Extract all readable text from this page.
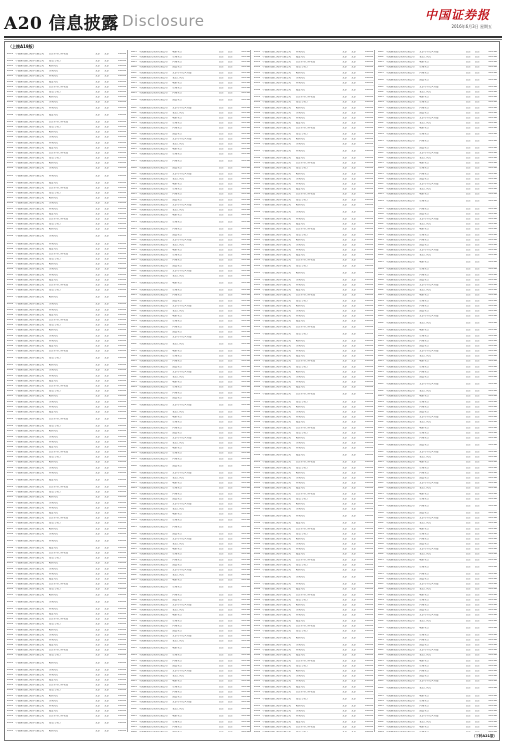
A20 信息披露 Disclosure	中国证券报
2016年6月3日 星期五
（上接A19版）
2001 中国建设银行股份有限公司	北京市分行营业部	北京	北京	010-66
2002 中国建设银行股份有限公司	安定门支行	北京	北京	010-66
2003 中国建设银行股份有限公司	朝阳支行	北京	北京	010-66
2004 中国建设银行股份有限公司	东城支行	北京	北京	010-66
2005 中国建设银行股份有限公司	西城支行	北京	北京	010-66
2006 中国建设银行股份有限公司	海淀支行	北京	北京	010-66
2001 中国建设银行股份有限公司	北京市分行营业部	北京	北京	010-66
2002 中国建设银行股份有限公司	安定门支行	北京	北京	010-66
2003 中国建设银行股份有限公司	朝阳支行	北京	北京	010-66
2004 中国建设银行股份有限公司	东城支行	北京	北京	010-66
2005 中国建设银行股份有限公司	西城支行	北京	北京	010-66
2006 中国建设银行股份有限公司	海淀支行	北京	北京	010-66
2001 中国建设银行股份有限公司	北京市分行营业部	北京	北京	010-66
2002 中国建设银行股份有限公司	安定门支行	北京	北京	010-66
2003 中国建设银行股份有限公司	朝阳支行	北京	北京	010-66
2004 中国建设银行股份有限公司	东城支行	北京	北京	010-66
2005 中国建设银行股份有限公司	西城支行	北京	北京	010-66
2006 中国建设银行股份有限公司	海淀支行	北京	北京	010-66
2001 中国建设银行股份有限公司	北京市分行营业部	北京	北京	010-66
2002 中国建设银行股份有限公司	安定门支行	北京	北京	010-66
2003 中国建设银行股份有限公司	朝阳支行	北京	北京	010-66
2004 中国建设银行股份有限公司	东城支行	北京	北京	010-66
2005 中国建设银行股份有限公司	西城支行	北京	北京	010-66
2006 中国建设银行股份有限公司	海淀支行	北京	北京	010-66
2001 中国建设银行股份有限公司	北京市分行营业部	北京	北京	010-66
2002 中国建设银行股份有限公司	安定门支行	北京	北京	010-66
2003 中国建设银行股份有限公司	朝阳支行	北京	北京	010-66
2004 中国建设银行股份有限公司	东城支行	北京	北京	010-66
2005 中国建设银行股份有限公司	西城支行	北京	北京	010-66
2006 中国建设银行股份有限公司	海淀支行	北京	北京	010-66
2001 中国建设银行股份有限公司	北京市分行营业部	北京	北京	010-66
2002 中国建设银行股份有限公司	安定门支行	北京	北京	010-66
2003 中国建设银行股份有限公司	朝阳支行	北京	北京	010-66
2004 中国建设银行股份有限公司	东城支行	北京	北京	010-66
2005 中国建设银行股份有限公司	西城支行	北京	北京	010-66
2006 中国建设银行股份有限公司	海淀支行	北京	北京	010-66
2001 中国建设银行股份有限公司	北京市分行营业部	北京	北京	010-66
2002 中国建设银行股份有限公司	安定门支行	北京	北京	010-66
2003 中国建设银行股份有限公司	朝阳支行	北京	北京	010-66
2004 中国建设银行股份有限公司	东城支行	北京	北京	010-66
2005 中国建设银行股份有限公司	西城支行	北京	北京	010-66
2006 中国建设银行股份有限公司	海淀支行	北京	北京	010-66
2001 中国建设银行股份有限公司	北京市分行营业部	北京	北京	010-66
2002 中国建设银行股份有限公司	安定门支行	北京	北京	010-66
2003 中国建设银行股份有限公司	朝阳支行	北京	北京	010-66
2004 中国建设银行股份有限公司	东城支行	北京	北京	010-66
2005 中国建设银行股份有限公司	西城支行	北京	北京	010-66
2006 中国建设银行股份有限公司	海淀支行	北京	北京	010-66
2001 中国建设银行股份有限公司	北京市分行营业部	北京	北京	010-66
2002 中国建设银行股份有限公司	安定门支行	北京	北京	010-66
2003 中国建设银行股份有限公司	朝阳支行	北京	北京	010-66
2004 中国建设银行股份有限公司	东城支行	北京	北京	010-66
2005 中国建设银行股份有限公司	西城支行	北京	北京	010-66
2006 中国建设银行股份有限公司	海淀支行	北京	北京	010-66
2001 中国建设银行股份有限公司	北京市分行营业部	北京	北京	010-66
2002 中国建设银行股份有限公司	安定门支行	北京	北京	010-66
2003 中国建设银行股份有限公司	朝阳支行	北京	北京	010-66
2004 中国建设银行股份有限公司	东城支行	北京	北京	010-66
2005 中国建设银行股份有限公司	西城支行	北京	北京	010-66
2006 中国建设银行股份有限公司	海淀支行	北京	北京	010-66
2001 中国建设银行股份有限公司	北京市分行营业部	北京	北京	010-66
2002 中国建设银行股份有限公司	安定门支行	北京	北京	010-66
2003 中国建设银行股份有限公司	朝阳支行	北京	北京	010-66
2004 中国建设银行股份有限公司	东城支行	北京	北京	010-66
2005 中国建设银行股份有限公司	西城支行	北京	北京	010-66
2006 中国建设银行股份有限公司	海淀支行	北京	北京	010-66
2001 中国建设银行股份有限公司	北京市分行营业部	北京	北京	010-66
2002 中国建设银行股份有限公司	安定门支行	北京	北京	010-66
2003 中国建设银行股份有限公司	朝阳支行	北京	北京	010-66
2004 中国建设银行股份有限公司	东城支行	北京	北京	010-66
2005 中国建设银行股份有限公司	西城支行	北京	北京	010-66
2006 中国建设银行股份有限公司	海淀支行	北京	北京	010-66
2001 中国建设银行股份有限公司	北京市分行营业部	北京	北京	010-66
2002 中国建设银行股份有限公司	安定门支行	北京	北京	010-66
2003 中国建设银行股份有限公司	朝阳支行	北京	北京	010-66
2004 中国建设银行股份有限公司	东城支行	北京	北京	010-66
2005 中国建设银行股份有限公司	西城支行	北京	北京	010-66
2006 中国建设银行股份有限公司	海淀支行	北京	北京	010-66
2001 中国建设银行股份有限公司	北京市分行营业部	北京	北京	010-66
2002 中国建设银行股份有限公司	安定门支行	北京	北京	010-66
2003 中国建设银行股份有限公司	朝阳支行	北京	北京	010-66
2004 中国建设银行股份有限公司	东城支行	北京	北京	010-66
2005 中国建设银行股份有限公司	西城支行	北京	北京	010-66
2006 中国建设银行股份有限公司	海淀支行	北京	北京	010-66
2001 中国建设银行股份有限公司	北京市分行营业部	北京	北京	010-66
2002 中国建设银行股份有限公司	安定门支行	北京	北京	010-66
2003 中国建设银行股份有限公司	朝阳支行	北京	北京	010-66
2004 中国建设银行股份有限公司	东城支行	北京	北京	010-66
2005 中国建设银行股份有限公司	西城支行	北京	北京	010-66
2006 中国建设银行股份有限公司	海淀支行	北京	北京	010-66
2001 中国建设银行股份有限公司	北京市分行营业部	北京	北京	010-66
2002 中国建设银行股份有限公司	安定门支行	北京	北京	010-66
2003 中国建设银行股份有限公司	朝阳支行	北京	北京	010-66
2004 中国建设银行股份有限公司	东城支行	北京	北京	010-66
2005 中国建设银行股份有限公司	西城支行	北京	北京	010-66
2006 中国建设银行股份有限公司	海淀支行	北京	北京	010-66
2001 中国建设银行股份有限公司	北京市分行营业部	北京	北京	010-66
2002 中国建设银行股份有限公司	安定门支行	北京	北京	010-66
2003 中国建设银行股份有限公司	朝阳支行	北京	北京	010-66
2004 中国建设银行股份有限公司	东城支行	北京	北京	010-66
2005 中国建设银行股份有限公司	西城支行	北京	北京	010-66
2006 中国建设银行股份有限公司	海淀支行	北京	北京	010-66
2001 中国建设银行股份有限公司	北京市分行营业部	北京	北京	010-66
2002 中国建设银行股份有限公司	安定门支行	北京	北京	010-66
2003 中国建设银行股份有限公司	朝阳支行	北京	北京	010-66
2004 中国建设银行股份有限公司	东城支行	北京	北京	010-66
2005 中国建设银行股份有限公司	西城支行	北京	北京	010-66
2006 中国建设银行股份有限公司	海淀支行	北京	北京	010-66
2001 中国建设银行股份有限公司	北京市分行营业部	北京	北京	010-66
2002 中国建设银行股份有限公司	安定门支行	北京	北京	010-66
2003 中国建设银行股份有限公司	朝阳支行	北京	北京	010-66
2004 中国建设银行股份有限公司	东城支行	北京	北京	010-66
2005 中国建设银行股份有限公司	西城支行	北京	北京	010-66
2006 中国建设银行股份有限公司	海淀支行	北京	北京	010-66
2001 中国建设银行股份有限公司	北京市分行营业部	北京	北京	010-66
2002 中国建设银行股份有限公司	安定门支行	北京	北京	010-66
2003 中国建设银行股份有限公司	朝阳支行	北京	北京	010-66
2004 中国建设银行股份有限公司	东城支行	北京	北京	010-66
2005 中国建设银行股份有限公司	西城支行	北京	北京	010-66
2006 中国建设银行股份有限公司	海淀支行	北京	北京	010-66
2001 中国建设银行股份有限公司	北京市分行营业部	北京	北京	010-66
2002 中国建设银行股份有限公司	安定门支行	北京	北京	010-66
2003 中国建设银行股份有限公司	朝阳支行	北京	北京	010-66
2003 中国建设银行股份有限公司	朝阳支行	北京	北京	010-66
2004 中国建设银行股份有限公司	东城支行	北京	北京	010-66
2005 中国建设银行股份有限公司	西城支行	北京	北京	010-66
2006 中国建设银行股份有限公司	海淀支行	北京	北京	010-66
2001 中国建设银行股份有限公司	北京市分行营业部	北京	北京	010-66
2002 中国建设银行股份有限公司	安定门支行	北京	北京	010-66
2003 中国建设银行股份有限公司	朝阳支行	北京	北京	010-66
2004 中国建设银行股份有限公司	东城支行	北京	北京	010-66
2005 中国建设银行股份有限公司	西城支行	北京	北京	010-66
2006 中国建设银行股份有限公司	海淀支行	北京	北京	010-66
2001 中国建设银行股份有限公司	北京市分行营业部	北京	北京	010-66
2002 中国建设银行股份有限公司	安定门支行	北京	北京	010-66
2003 中国建设银行股份有限公司	朝阳支行	北京	北京	010-66
2004 中国建设银行股份有限公司	东城支行	北京	北京	010-66
2005 中国建设银行股份有限公司	西城支行	北京	北京	010-66
2006 中国建设银行股份有限公司	海淀支行	北京	北京	010-66
2001 中国建设银行股份有限公司	北京市分行营业部	北京	北京	010-66
2002 中国建设银行股份有限公司	安定门支行	北京	北京	010-66
2003 中国建设银行股份有限公司	朝阳支行	北京	北京	010-66
2004 中国建设银行股份有限公司	东城支行	北京	北京	010-66
2005 中国建设银行股份有限公司	西城支行	北京	北京	010-66
2006 中国建设银行股份有限公司	海淀支行	北京	北京	010-66
2001 中国建设银行股份有限公司	北京市分行营业部	北京	北京	010-66
2002 中国建设银行股份有限公司	安定门支行	北京	北京	010-66
2003 中国建设银行股份有限公司	朝阳支行	北京	北京	010-66
2004 中国建设银行股份有限公司	东城支行	北京	北京	010-66
2005 中国建设银行股份有限公司	西城支行	北京	北京	010-66
2006 中国建设银行股份有限公司	海淀支行	北京	北京	010-66
2001 中国建设银行股份有限公司	北京市分行营业部	北京	北京	010-66
2002 中国建设银行股份有限公司	安定门支行	北京	北京	010-66
2003 中国建设银行股份有限公司	朝阳支行	北京	北京	010-66
2004 中国建设银行股份有限公司	东城支行	北京	北京	010-66
2005 中国建设银行股份有限公司	西城支行	北京	北京	010-66
2006 中国建设银行股份有限公司	海淀支行	北京	北京	010-66
2001 中国建设银行股份有限公司	北京市分行营业部	北京	北京	010-66
2002 中国建设银行股份有限公司	安定门支行	北京	北京	010-66
2003 中国建设银行股份有限公司	朝阳支行	北京	北京	010-66
2004 中国建设银行股份有限公司	东城支行	北京	北京	010-66
2005 中国建设银行股份有限公司	西城支行	北京	北京	010-66
2006 中国建设银行股份有限公司	海淀支行	北京	北京	010-66
2001 中国建设银行股份有限公司	北京市分行营业部	北京	北京	010-66
2002 中国建设银行股份有限公司	安定门支行	北京	北京	010-66
2003 中国建设银行股份有限公司	朝阳支行	北京	北京	010-66
2004 中国建设银行股份有限公司	东城支行	北京	北京	010-66
2005 中国建设银行股份有限公司	西城支行	北京	北京	010-66
2006 中国建设银行股份有限公司	海淀支行	北京	北京	010-66
2001 中国建设银行股份有限公司	北京市分行营业部	北京	北京	010-66
2002 中国建设银行股份有限公司	安定门支行	北京	北京	010-66
2003 中国建设银行股份有限公司	朝阳支行	北京	北京	010-66
2004 中国建设银行股份有限公司	东城支行	北京	北京	010-66
2005 中国建设银行股份有限公司	西城支行	北京	北京	010-66
2006 中国建设银行股份有限公司	海淀支行	北京	北京	010-66
2001 中国建设银行股份有限公司	北京市分行营业部	北京	北京	010-66
2002 中国建设银行股份有限公司	安定门支行	北京	北京	010-66
2003 中国建设银行股份有限公司	朝阳支行	北京	北京	010-66
2004 中国建设银行股份有限公司	东城支行	北京	北京	010-66
2005 中国建设银行股份有限公司	西城支行	北京	北京	010-66
2006 中国建设银行股份有限公司	海淀支行	北京	北京	010-66
2001 中国建设银行股份有限公司	北京市分行营业部	北京	北京	010-66
2002 中国建设银行股份有限公司	安定门支行	北京	北京	010-66
2003 中国建设银行股份有限公司	朝阳支行	北京	北京	010-66
2004 中国建设银行股份有限公司	东城支行	北京	北京	010-66
2005 中国建设银行股份有限公司	西城支行	北京	北京	010-66
2006 中国建设银行股份有限公司	海淀支行	北京	北京	010-66
2001 中国建设银行股份有限公司	北京市分行营业部	北京	北京	010-66
2002 中国建设银行股份有限公司	安定门支行	北京	北京	010-66
2003 中国建设银行股份有限公司	朝阳支行	北京	北京	010-66
2004 中国建设银行股份有限公司	东城支行	北京	北京	010-66
2005 中国建设银行股份有限公司	西城支行	北京	北京	010-66
2006 中国建设银行股份有限公司	海淀支行	北京	北京	010-66
2001 中国建设银行股份有限公司	北京市分行营业部	北京	北京	010-66
2002 中国建设银行股份有限公司	安定门支行	北京	北京	010-66
2003 中国建设银行股份有限公司	朝阳支行	北京	北京	010-66
2004 中国建设银行股份有限公司	东城支行	北京	北京	010-66
2005 中国建设银行股份有限公司	西城支行	北京	北京	010-66
2006 中国建设银行股份有限公司	海淀支行	北京	北京	010-66
2001 中国建设银行股份有限公司	北京市分行营业部	北京	北京	010-66
2002 中国建设银行股份有限公司	安定门支行	北京	北京	010-66
2003 中国建设银行股份有限公司	朝阳支行	北京	北京	010-66
2004 中国建设银行股份有限公司	东城支行	北京	北京	010-66
2005 中国建设银行股份有限公司	西城支行	北京	北京	010-66
2006 中国建设银行股份有限公司	海淀支行	北京	北京	010-66
2001 中国建设银行股份有限公司	北京市分行营业部	北京	北京	010-66
2002 中国建设银行股份有限公司	安定门支行	北京	北京	010-66
2003 中国建设银行股份有限公司	朝阳支行	北京	北京	010-66
2004 中国建设银行股份有限公司	东城支行	北京	北京	010-66
2005 中国建设银行股份有限公司	西城支行	北京	北京	010-66
2006 中国建设银行股份有限公司	海淀支行	北京	北京	010-66
2001 中国建设银行股份有限公司	北京市分行营业部	北京	北京	010-66
2002 中国建设银行股份有限公司	安定门支行	北京	北京	010-66
2003 中国建设银行股份有限公司	朝阳支行	北京	北京	010-66
2004 中国建设银行股份有限公司	东城支行	北京	北京	010-66
2005 中国建设银行股份有限公司	西城支行	北京	北京	010-66
2006 中国建设银行股份有限公司	海淀支行	北京	北京	010-66
2001 中国建设银行股份有限公司	北京市分行营业部	北京	北京	010-66
2002 中国建设银行股份有限公司	安定门支行	北京	北京	010-66
2003 中国建设银行股份有限公司	朝阳支行	北京	北京	010-66
2004 中国建设银行股份有限公司	东城支行	北京	北京	010-66
2005 中国建设银行股份有限公司	西城支行	北京	北京	010-66
2006 中国建设银行股份有限公司	海淀支行	北京	北京	010-66
2001 中国建设银行股份有限公司	北京市分行营业部	北京	北京	010-66
2002 中国建设银行股份有限公司	安定门支行	北京	北京	010-66
2003 中国建设银行股份有限公司	朝阳支行	北京	北京	010-66
2004 中国建设银行股份有限公司	东城支行	北京	北京	010-66
2005 中国建设银行股份有限公司	西城支行	北京	北京	010-66
2006 中国建设银行股份有限公司	海淀支行	北京	北京	010-66
2001 中国建设银行股份有限公司	北京市分行营业部	北京	北京	010-66
2002 中国建设银行股份有限公司	安定门支行	北京	北京	010-66
2003 中国建设银行股份有限公司	朝阳支行	北京	北京	010-66
2004 中国建设银行股份有限公司	东城支行	北京	北京	010-66
2005 中国建设银行股份有限公司	西城支行	北京	北京	010-66
2006 中国建设银行股份有限公司	海淀支行	北京	北京	010-66
2001 中国建设银行股份有限公司	北京市分行营业部	北京	北京	010-66
2002 中国建设银行股份有限公司	安定门支行	北京	北京	010-66
2003 中国建设银行股份有限公司	朝阳支行	北京	北京	010-66
2004 中国建设银行股份有限公司	东城支行	北京	北京	010-66
2005 中国建设银行股份有限公司	西城支行	北京	北京	010-66
2006 中国建设银行股份有限公司	海淀支行	北京	北京	010-66
2001 中国建设银行股份有限公司	北京市分行营业部	北京	北京	010-66
2002 中国建设银行股份有限公司	安定门支行	北京	北京	010-66
2003 中国建设银行股份有限公司	朝阳支行	北京	北京	010-66
2004 中国建设银行股份有限公司	东城支行	北京	北京	010-66
2005 中国建设银行股份有限公司	西城支行	北京	北京	010-66
2005 中国建设银行股份有限公司	西城支行	北京	北京	010-66
2006 中国建设银行股份有限公司	海淀支行	北京	北京	010-66
2001 中国建设银行股份有限公司	北京市分行营业部	北京	北京	010-66
2002 中国建设银行股份有限公司	安定门支行	北京	北京	010-66
2003 中国建设银行股份有限公司	朝阳支行	北京	北京	010-66
2004 中国建设银行股份有限公司	东城支行	北京	北京	010-66
2005 中国建设银行股份有限公司	西城支行	北京	北京	010-66
2006 中国建设银行股份有限公司	海淀支行	北京	北京	010-66
2001 中国建设银行股份有限公司	北京市分行营业部	北京	北京	010-66
2002 中国建设银行股份有限公司	安定门支行	北京	北京	010-66
2003 中国建设银行股份有限公司	朝阳支行	北京	北京	010-66
2004 中国建设银行股份有限公司	东城支行	北京	北京	010-66
2005 中国建设银行股份有限公司	西城支行	北京	北京	010-66
2006 中国建设银行股份有限公司	海淀支行	北京	北京	010-66
2001 中国建设银行股份有限公司	北京市分行营业部	北京	北京	010-66
2002 中国建设银行股份有限公司	安定门支行	北京	北京	010-66
2003 中国建设银行股份有限公司	朝阳支行	北京	北京	010-66
2004 中国建设银行股份有限公司	东城支行	北京	北京	010-66
2005 中国建设银行股份有限公司	西城支行	北京	北京	010-66
2006 中国建设银行股份有限公司	海淀支行	北京	北京	010-66
2001 中国建设银行股份有限公司	北京市分行营业部	北京	北京	010-66
2002 中国建设银行股份有限公司	安定门支行	北京	北京	010-66
2003 中国建设银行股份有限公司	朝阳支行	北京	北京	010-66
2004 中国建设银行股份有限公司	东城支行	北京	北京	010-66
2005 中国建设银行股份有限公司	西城支行	北京	北京	010-66
2006 中国建设银行股份有限公司	海淀支行	北京	北京	010-66
2001 中国建设银行股份有限公司	北京市分行营业部	北京	北京	010-66
2002 中国建设银行股份有限公司	安定门支行	北京	北京	010-66
2003 中国建设银行股份有限公司	朝阳支行	北京	北京	010-66
2004 中国建设银行股份有限公司	东城支行	北京	北京	010-66
2005 中国建设银行股份有限公司	西城支行	北京	北京	010-66
2006 中国建设银行股份有限公司	海淀支行	北京	北京	010-66
2001 中国建设银行股份有限公司	北京市分行营业部	北京	北京	010-66
2002 中国建设银行股份有限公司	安定门支行	北京	北京	010-66
2003 中国建设银行股份有限公司	朝阳支行	北京	北京	010-66
2004 中国建设银行股份有限公司	东城支行	北京	北京	010-66
2005 中国建设银行股份有限公司	西城支行	北京	北京	010-66
2006 中国建设银行股份有限公司	海淀支行	北京	北京	010-66
2001 中国建设银行股份有限公司	北京市分行营业部	北京	北京	010-66
2002 中国建设银行股份有限公司	安定门支行	北京	北京	010-66
2003 中国建设银行股份有限公司	朝阳支行	北京	北京	010-66
2004 中国建设银行股份有限公司	东城支行	北京	北京	010-66
2005 中国建设银行股份有限公司	西城支行	北京	北京	010-66
2006 中国建设银行股份有限公司	海淀支行	北京	北京	010-66
2001 中国建设银行股份有限公司	北京市分行营业部	北京	北京	010-66
2002 中国建设银行股份有限公司	安定门支行	北京	北京	010-66
2003 中国建设银行股份有限公司	朝阳支行	北京	北京	010-66
2004 中国建设银行股份有限公司	东城支行	北京	北京	010-66
2005 中国建设银行股份有限公司	西城支行	北京	北京	010-66
2006 中国建设银行股份有限公司	海淀支行	北京	北京	010-66
2001 中国建设银行股份有限公司	北京市分行营业部	北京	北京	010-66
2002 中国建设银行股份有限公司	安定门支行	北京	北京	010-66
2003 中国建设银行股份有限公司	朝阳支行	北京	北京	010-66
2004 中国建设银行股份有限公司	东城支行	北京	北京	010-66
2005 中国建设银行股份有限公司	西城支行	北京	北京	010-66
2006 中国建设银行股份有限公司	海淀支行	北京	北京	010-66
2001 中国建设银行股份有限公司	北京市分行营业部	北京	北京	010-66
2002 中国建设银行股份有限公司	安定门支行	北京	北京	010-66
2003 中国建设银行股份有限公司	朝阳支行	北京	北京	010-66
2004 中国建设银行股份有限公司	东城支行	北京	北京	010-66
2005 中国建设银行股份有限公司	西城支行	北京	北京	010-66
2006 中国建设银行股份有限公司	海淀支行	北京	北京	010-66
2001 中国建设银行股份有限公司	北京市分行营业部	北京	北京	010-66
2002 中国建设银行股份有限公司	安定门支行	北京	北京	010-66
2003 中国建设银行股份有限公司	朝阳支行	北京	北京	010-66
2004 中国建设银行股份有限公司	东城支行	北京	北京	010-66
2005 中国建设银行股份有限公司	西城支行	北京	北京	010-66
2006 中国建设银行股份有限公司	海淀支行	北京	北京	010-66
2001 中国建设银行股份有限公司	北京市分行营业部	北京	北京	010-66
2002 中国建设银行股份有限公司	安定门支行	北京	北京	010-66
2003 中国建设银行股份有限公司	朝阳支行	北京	北京	010-66
2004 中国建设银行股份有限公司	东城支行	北京	北京	010-66
2005 中国建设银行股份有限公司	西城支行	北京	北京	010-66
2006 中国建设银行股份有限公司	海淀支行	北京	北京	010-66
2001 中国建设银行股份有限公司	北京市分行营业部	北京	北京	010-66
2002 中国建设银行股份有限公司	安定门支行	北京	北京	010-66
2003 中国建设银行股份有限公司	朝阳支行	北京	北京	010-66
2004 中国建设银行股份有限公司	东城支行	北京	北京	010-66
2005 中国建设银行股份有限公司	西城支行	北京	北京	010-66
2006 中国建设银行股份有限公司	海淀支行	北京	北京	010-66
2001 中国建设银行股份有限公司	北京市分行营业部	北京	北京	010-66
2002 中国建设银行股份有限公司	安定门支行	北京	北京	010-66
2003 中国建设银行股份有限公司	朝阳支行	北京	北京	010-66
2004 中国建设银行股份有限公司	东城支行	北京	北京	010-66
2005 中国建设银行股份有限公司	西城支行	北京	北京	010-66
2006 中国建设银行股份有限公司	海淀支行	北京	北京	010-66
2001 中国建设银行股份有限公司	北京市分行营业部	北京	北京	010-66
2002 中国建设银行股份有限公司	安定门支行	北京	北京	010-66
2003 中国建设银行股份有限公司	朝阳支行	北京	北京	010-66
2004 中国建设银行股份有限公司	东城支行	北京	北京	010-66
2005 中国建设银行股份有限公司	西城支行	北京	北京	010-66
2006 中国建设银行股份有限公司	海淀支行	北京	北京	010-66
2001 中国建设银行股份有限公司	北京市分行营业部	北京	北京	010-66
2002 中国建设银行股份有限公司	安定门支行	北京	北京	010-66
2003 中国建设银行股份有限公司	朝阳支行	北京	北京	010-66
2004 中国建设银行股份有限公司	东城支行	北京	北京	010-66
2005 中国建设银行股份有限公司	西城支行	北京	北京	010-66
2006 中国建设银行股份有限公司	海淀支行	北京	北京	010-66
2001 中国建设银行股份有限公司	北京市分行营业部	北京	北京	010-66
2002 中国建设银行股份有限公司	安定门支行	北京	北京	010-66
2003 中国建设银行股份有限公司	朝阳支行	北京	北京	010-66
2004 中国建设银行股份有限公司	东城支行	北京	北京	010-66
2005 中国建设银行股份有限公司	西城支行	北京	北京	010-66
2006 中国建设银行股份有限公司	海淀支行	北京	北京	010-66
2001 中国建设银行股份有限公司	北京市分行营业部	北京	北京	010-66
2002 中国建设银行股份有限公司	安定门支行	北京	北京	010-66
2003 中国建设银行股份有限公司	朝阳支行	北京	北京	010-66
2004 中国建设银行股份有限公司	东城支行	北京	北京	010-66
2005 中国建设银行股份有限公司	西城支行	北京	北京	010-66
2006 中国建设银行股份有限公司	海淀支行	北京	北京	010-66
2001 中国建设银行股份有限公司	北京市分行营业部	北京	北京	010-66
2002 中国建设银行股份有限公司	安定门支行	北京	北京	010-66
2003 中国建设银行股份有限公司	朝阳支行	北京	北京	010-66
2004 中国建设银行股份有限公司	东城支行	北京	北京	010-66
2005 中国建设银行股份有限公司	西城支行	北京	北京	010-66
2006 中国建设银行股份有限公司	海淀支行	北京	北京	010-66
2001 中国建设银行股份有限公司	北京市分行营业部	北京	北京	010-66
2002 中国建设银行股份有限公司	安定门支行	北京	北京	010-66
2003 中国建设银行股份有限公司	朝阳支行	北京	北京	010-66
2004 中国建设银行股份有限公司	东城支行	北京	北京	010-66
2005 中国建设银行股份有限公司	西城支行	北京	北京	010-66
2006 中国建设银行股份有限公司	海淀支行	北京	北京	010-66
2001 中国建设银行股份有限公司	北京市分行营业部	北京	北京	010-66
2001 中国建设银行股份有限公司	北京市分行营业部	北京	北京	010-66
2002 中国建设银行股份有限公司	安定门支行	北京	北京	010-66
2003 中国建设银行股份有限公司	朝阳支行	北京	北京	010-66
2004 中国建设银行股份有限公司	东城支行	北京	北京	010-66
2005 中国建设银行股份有限公司	西城支行	北京	北京	010-66
2006 中国建设银行股份有限公司	海淀支行	北京	北京	010-66
2001 中国建设银行股份有限公司	北京市分行营业部	北京	北京	010-66
2002 中国建设银行股份有限公司	安定门支行	北京	北京	010-66
2003 中国建设银行股份有限公司	朝阳支行	北京	北京	010-66
2004 中国建设银行股份有限公司	东城支行	北京	北京	010-66
2005 中国建设银行股份有限公司	西城支行	北京	北京	010-66
2006 中国建设银行股份有限公司	海淀支行	北京	北京	010-66
2001 中国建设银行股份有限公司	北京市分行营业部	北京	北京	010-66
2002 中国建设银行股份有限公司	安定门支行	北京	北京	010-66
2003 中国建设银行股份有限公司	朝阳支行	北京	北京	010-66
2004 中国建设银行股份有限公司	东城支行	北京	北京	010-66
2005 中国建设银行股份有限公司	西城支行	北京	北京	010-66
2006 中国建设银行股份有限公司	海淀支行	北京	北京	010-66
2001 中国建设银行股份有限公司	北京市分行营业部	北京	北京	010-66
2002 中国建设银行股份有限公司	安定门支行	北京	北京	010-66
2003 中国建设银行股份有限公司	朝阳支行	北京	北京	010-66
2004 中国建设银行股份有限公司	东城支行	北京	北京	010-66
2005 中国建设银行股份有限公司	西城支行	北京	北京	010-66
2006 中国建设银行股份有限公司	海淀支行	北京	北京	010-66
2001 中国建设银行股份有限公司	北京市分行营业部	北京	北京	010-66
2002 中国建设银行股份有限公司	安定门支行	北京	北京	010-66
2003 中国建设银行股份有限公司	朝阳支行	北京	北京	010-66
2004 中国建设银行股份有限公司	东城支行	北京	北京	010-66
2005 中国建设银行股份有限公司	西城支行	北京	北京	010-66
2006 中国建设银行股份有限公司	海淀支行	北京	北京	010-66
2001 中国建设银行股份有限公司	北京市分行营业部	北京	北京	010-66
2002 中国建设银行股份有限公司	安定门支行	北京	北京	010-66
2003 中国建设银行股份有限公司	朝阳支行	北京	北京	010-66
2004 中国建设银行股份有限公司	东城支行	北京	北京	010-66
2005 中国建设银行股份有限公司	西城支行	北京	北京	010-66
2006 中国建设银行股份有限公司	海淀支行	北京	北京	010-66
2001 中国建设银行股份有限公司	北京市分行营业部	北京	北京	010-66
2002 中国建设银行股份有限公司	安定门支行	北京	北京	010-66
2003 中国建设银行股份有限公司	朝阳支行	北京	北京	010-66
2004 中国建设银行股份有限公司	东城支行	北京	北京	010-66
2005 中国建设银行股份有限公司	西城支行	北京	北京	010-66
2006 中国建设银行股份有限公司	海淀支行	北京	北京	010-66
2001 中国建设银行股份有限公司	北京市分行营业部	北京	北京	010-66
2002 中国建设银行股份有限公司	安定门支行	北京	北京	010-66
2003 中国建设银行股份有限公司	朝阳支行	北京	北京	010-66
2004 中国建设银行股份有限公司	东城支行	北京	北京	010-66
2005 中国建设银行股份有限公司	西城支行	北京	北京	010-66
2006 中国建设银行股份有限公司	海淀支行	北京	北京	010-66
2001 中国建设银行股份有限公司	北京市分行营业部	北京	北京	010-66
2002 中国建设银行股份有限公司	安定门支行	北京	北京	010-66
2003 中国建设银行股份有限公司	朝阳支行	北京	北京	010-66
2004 中国建设银行股份有限公司	东城支行	北京	北京	010-66
2005 中国建设银行股份有限公司	西城支行	北京	北京	010-66
2006 中国建设银行股份有限公司	海淀支行	北京	北京	010-66
2001 中国建设银行股份有限公司	北京市分行营业部	北京	北京	010-66
2002 中国建设银行股份有限公司	安定门支行	北京	北京	010-66
2003 中国建设银行股份有限公司	朝阳支行	北京	北京	010-66
2004 中国建设银行股份有限公司	东城支行	北京	北京	010-66
2005 中国建设银行股份有限公司	西城支行	北京	北京	010-66
2006 中国建设银行股份有限公司	海淀支行	北京	北京	010-66
2001 中国建设银行股份有限公司	北京市分行营业部	北京	北京	010-66
2002 中国建设银行股份有限公司	安定门支行	北京	北京	010-66
2003 中国建设银行股份有限公司	朝阳支行	北京	北京	010-66
2004 中国建设银行股份有限公司	东城支行	北京	北京	010-66
2005 中国建设银行股份有限公司	西城支行	北京	北京	010-66
2006 中国建设银行股份有限公司	海淀支行	北京	北京	010-66
2001 中国建设银行股份有限公司	北京市分行营业部	北京	北京	010-66
2002 中国建设银行股份有限公司	安定门支行	北京	北京	010-66
2003 中国建设银行股份有限公司	朝阳支行	北京	北京	010-66
2004 中国建设银行股份有限公司	东城支行	北京	北京	010-66
2005 中国建设银行股份有限公司	西城支行	北京	北京	010-66
2006 中国建设银行股份有限公司	海淀支行	北京	北京	010-66
2001 中国建设银行股份有限公司	北京市分行营业部	北京	北京	010-66
2002 中国建设银行股份有限公司	安定门支行	北京	北京	010-66
2003 中国建设银行股份有限公司	朝阳支行	北京	北京	010-66
2004 中国建设银行股份有限公司	东城支行	北京	北京	010-66
2005 中国建设银行股份有限公司	西城支行	北京	北京	010-66
2006 中国建设银行股份有限公司	海淀支行	北京	北京	010-66
2001 中国建设银行股份有限公司	北京市分行营业部	北京	北京	010-66
2002 中国建设银行股份有限公司	安定门支行	北京	北京	010-66
2003 中国建设银行股份有限公司	朝阳支行	北京	北京	010-66
2004 中国建设银行股份有限公司	东城支行	北京	北京	010-66
2005 中国建设银行股份有限公司	西城支行	北京	北京	010-66
2006 中国建设银行股份有限公司	海淀支行	北京	北京	010-66
2001 中国建设银行股份有限公司	北京市分行营业部	北京	北京	010-66
2002 中国建设银行股份有限公司	安定门支行	北京	北京	010-66
2003 中国建设银行股份有限公司	朝阳支行	北京	北京	010-66
2004 中国建设银行股份有限公司	东城支行	北京	北京	010-66
2005 中国建设银行股份有限公司	西城支行	北京	北京	010-66
2006 中国建设银行股份有限公司	海淀支行	北京	北京	010-66
2001 中国建设银行股份有限公司	北京市分行营业部	北京	北京	010-66
2002 中国建设银行股份有限公司	安定门支行	北京	北京	010-66
2003 中国建设银行股份有限公司	朝阳支行	北京	北京	010-66
2004 中国建设银行股份有限公司	东城支行	北京	北京	010-66
2005 中国建设银行股份有限公司	西城支行	北京	北京	010-66
2006 中国建设银行股份有限公司	海淀支行	北京	北京	010-66
2001 中国建设银行股份有限公司	北京市分行营业部	北京	北京	010-66
2002 中国建设银行股份有限公司	安定门支行	北京	北京	010-66
2003 中国建设银行股份有限公司	朝阳支行	北京	北京	010-66
2004 中国建设银行股份有限公司	东城支行	北京	北京	010-66
2005 中国建设银行股份有限公司	西城支行	北京	北京	010-66
2006 中国建设银行股份有限公司	海淀支行	北京	北京	010-66
2001 中国建设银行股份有限公司	北京市分行营业部	北京	北京	010-66
2002 中国建设银行股份有限公司	安定门支行	北京	北京	010-66
2003 中国建设银行股份有限公司	朝阳支行	北京	北京	010-66
2004 中国建设银行股份有限公司	东城支行	北京	北京	010-66
2005 中国建设银行股份有限公司	西城支行	北京	北京	010-66
2006 中国建设银行股份有限公司	海淀支行	北京	北京	010-66
2001 中国建设银行股份有限公司	北京市分行营业部	北京	北京	010-66
2002 中国建设银行股份有限公司	安定门支行	北京	北京	010-66
2003 中国建设银行股份有限公司	朝阳支行	北京	北京	010-66
2004 中国建设银行股份有限公司	东城支行	北京	北京	010-66
2005 中国建设银行股份有限公司	西城支行	北京	北京	010-66
2006 中国建设银行股份有限公司	海淀支行	北京	北京	010-66
2001 中国建设银行股份有限公司	北京市分行营业部	北京	北京	010-66
2002 中国建设银行股份有限公司	安定门支行	北京	北京	010-66
2003 中国建设银行股份有限公司	朝阳支行	北京	北京	010-66
2004 中国建设银行股份有限公司	东城支行	北京	北京	010-66
2005 中国建设银行股份有限公司	西城支行	北京	北京	010-66
2006 中国建设银行股份有限公司	海淀支行	北京	北京	010-66
2001 中国建设银行股份有限公司	北京市分行营业部	北京	北京	010-66
2002 中国建设银行股份有限公司	安定门支行	北京	北京	010-66
2003 中国建设银行股份有限公司	朝阳支行	北京	北京	010-66
（下转A21版）
